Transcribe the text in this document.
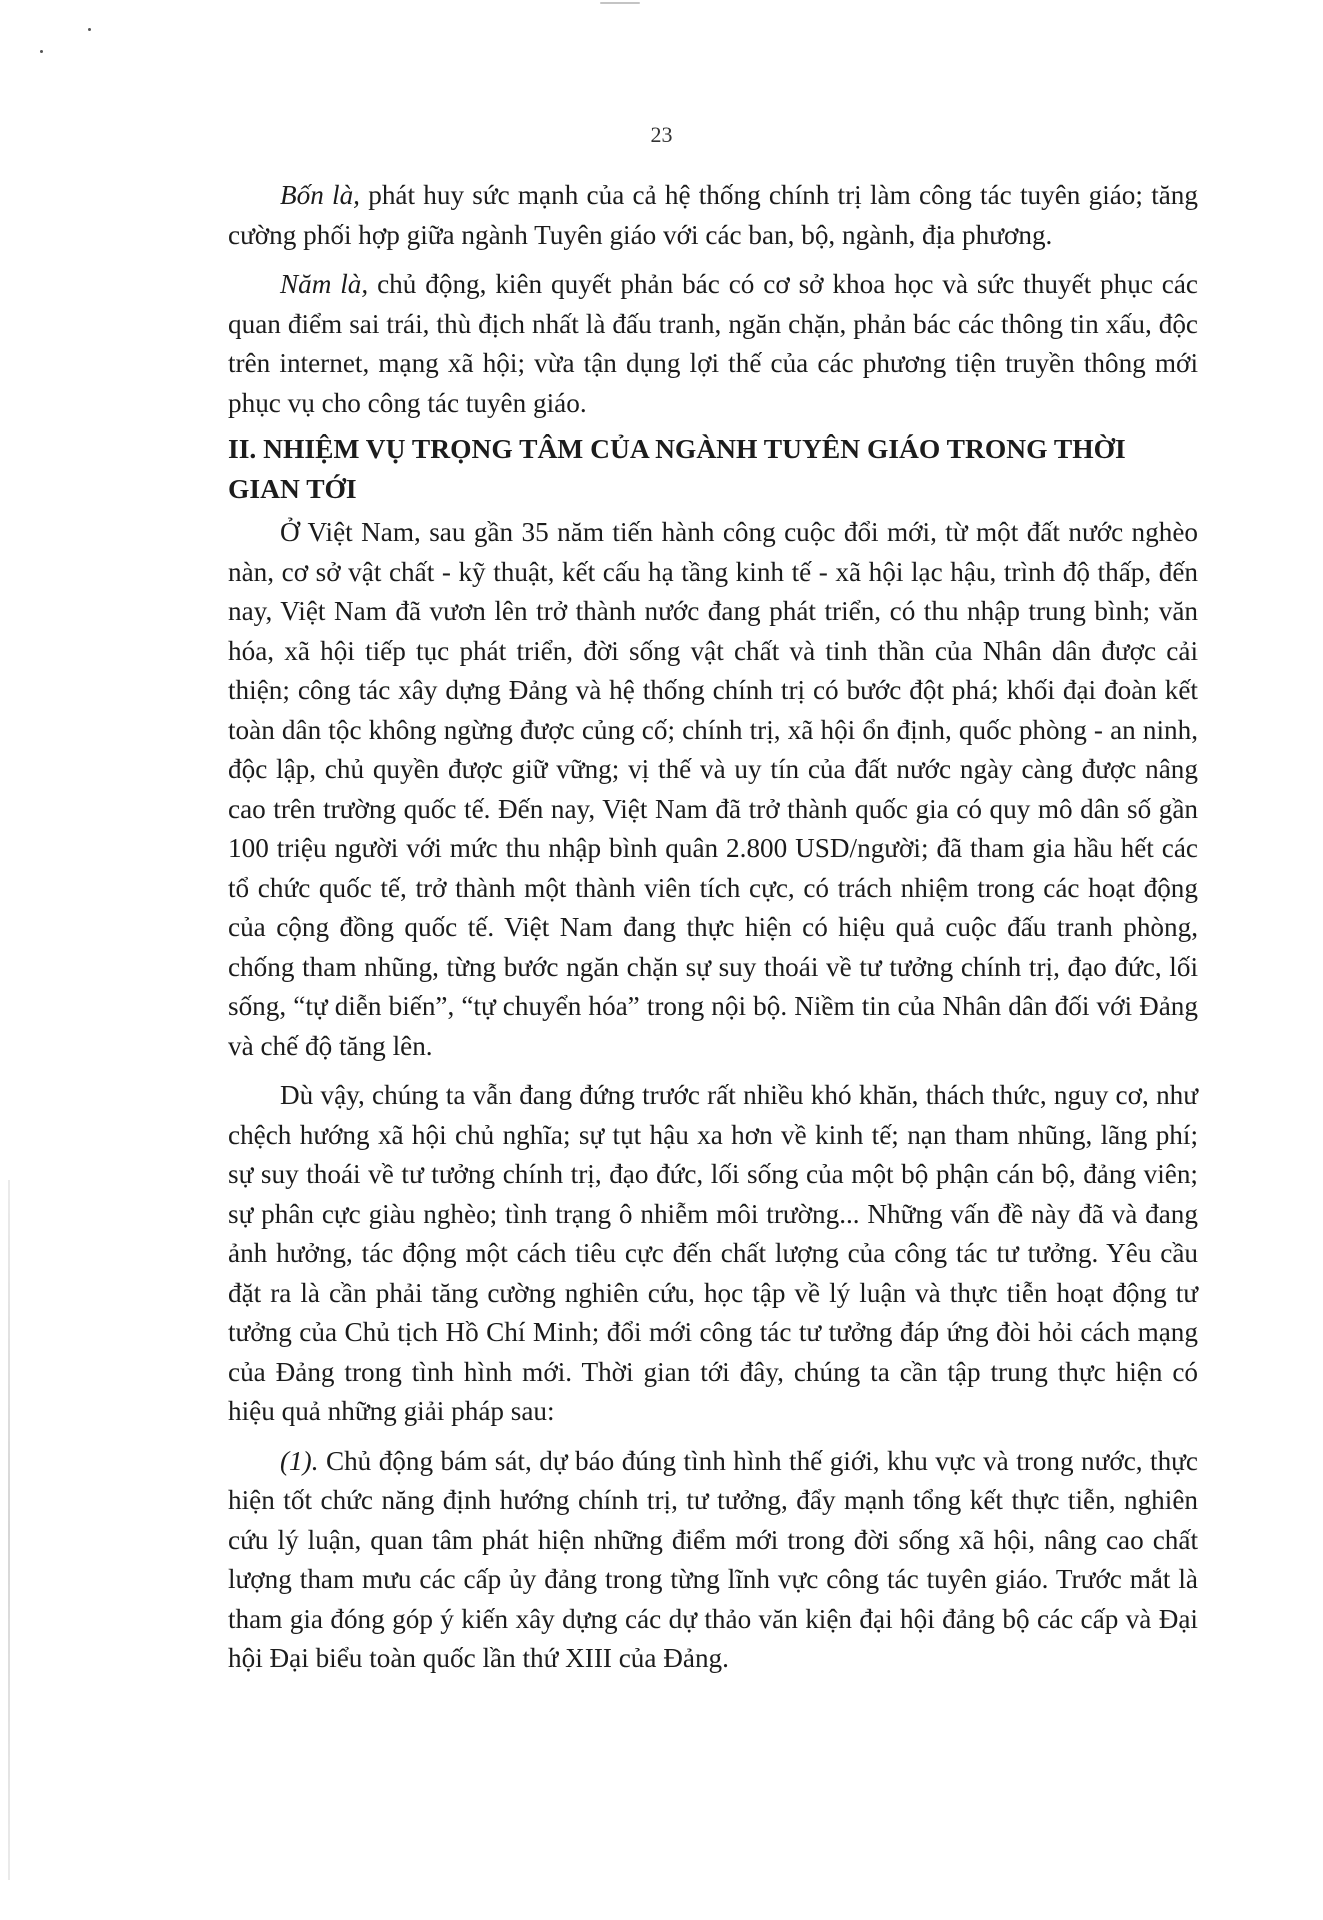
23

Bốn là, phát huy sức mạnh của cả hệ thống chính trị làm công tác tuyên giáo; tăng cường phối hợp giữa ngành Tuyên giáo với các ban, bộ, ngành, địa phương.

Năm là, chủ động, kiên quyết phản bác có cơ sở khoa học và sức thuyết phục các quan điểm sai trái, thù địch nhất là đấu tranh, ngăn chặn, phản bác các thông tin xấu, độc trên internet, mạng xã hội; vừa tận dụng lợi thế của các phương tiện truyền thông mới phục vụ cho công tác tuyên giáo.

II. NHIỆM VỤ TRỌNG TÂM CỦA NGÀNH TUYÊN GIÁO TRONG THỜI GIAN TỚI

Ở Việt Nam, sau gần 35 năm tiến hành công cuộc đổi mới, từ một đất nước nghèo nàn, cơ sở vật chất - kỹ thuật, kết cấu hạ tầng kinh tế - xã hội lạc hậu, trình độ thấp, đến nay, Việt Nam đã vươn lên trở thành nước đang phát triển, có thu nhập trung bình; văn hóa, xã hội tiếp tục phát triển, đời sống vật chất và tinh thần của Nhân dân được cải thiện; công tác xây dựng Đảng và hệ thống chính trị có bước đột phá; khối đại đoàn kết toàn dân tộc không ngừng được củng cố; chính trị, xã hội ổn định, quốc phòng - an ninh, độc lập, chủ quyền được giữ vững; vị thế và uy tín của đất nước ngày càng được nâng cao trên trường quốc tế. Đến nay, Việt Nam đã trở thành quốc gia có quy mô dân số gần 100 triệu người với mức thu nhập bình quân 2.800 USD/người; đã tham gia hầu hết các tổ chức quốc tế, trở thành một thành viên tích cực, có trách nhiệm trong các hoạt động của cộng đồng quốc tế. Việt Nam đang thực hiện có hiệu quả cuộc đấu tranh phòng, chống tham nhũng, từng bước ngăn chặn sự suy thoái về tư tưởng chính trị, đạo đức, lối sống, “tự diễn biến”, “tự chuyển hóa” trong nội bộ. Niềm tin của Nhân dân đối với Đảng và chế độ tăng lên.

Dù vậy, chúng ta vẫn đang đứng trước rất nhiều khó khăn, thách thức, nguy cơ, như chệch hướng xã hội chủ nghĩa; sự tụt hậu xa hơn về kinh tế; nạn tham nhũng, lãng phí; sự suy thoái về tư tưởng chính trị, đạo đức, lối sống của một bộ phận cán bộ, đảng viên; sự phân cực giàu nghèo; tình trạng ô nhiễm môi trường... Những vấn đề này đã và đang ảnh hưởng, tác động một cách tiêu cực đến chất lượng của công tác tư tưởng. Yêu cầu đặt ra là cần phải tăng cường nghiên cứu, học tập về lý luận và thực tiễn hoạt động tư tưởng của Chủ tịch Hồ Chí Minh; đổi mới công tác tư tưởng đáp ứng đòi hỏi cách mạng của Đảng trong tình hình mới. Thời gian tới đây, chúng ta cần tập trung thực hiện có hiệu quả những giải pháp sau:

(1). Chủ động bám sát, dự báo đúng tình hình thế giới, khu vực và trong nước, thực hiện tốt chức năng định hướng chính trị, tư tưởng, đẩy mạnh tổng kết thực tiễn, nghiên cứu lý luận, quan tâm phát hiện những điểm mới trong đời sống xã hội, nâng cao chất lượng tham mưu các cấp ủy đảng trong từng lĩnh vực công tác tuyên giáo. Trước mắt là tham gia đóng góp ý kiến xây dựng các dự thảo văn kiện đại hội đảng bộ các cấp và Đại hội Đại biểu toàn quốc lần thứ XIII của Đảng.
